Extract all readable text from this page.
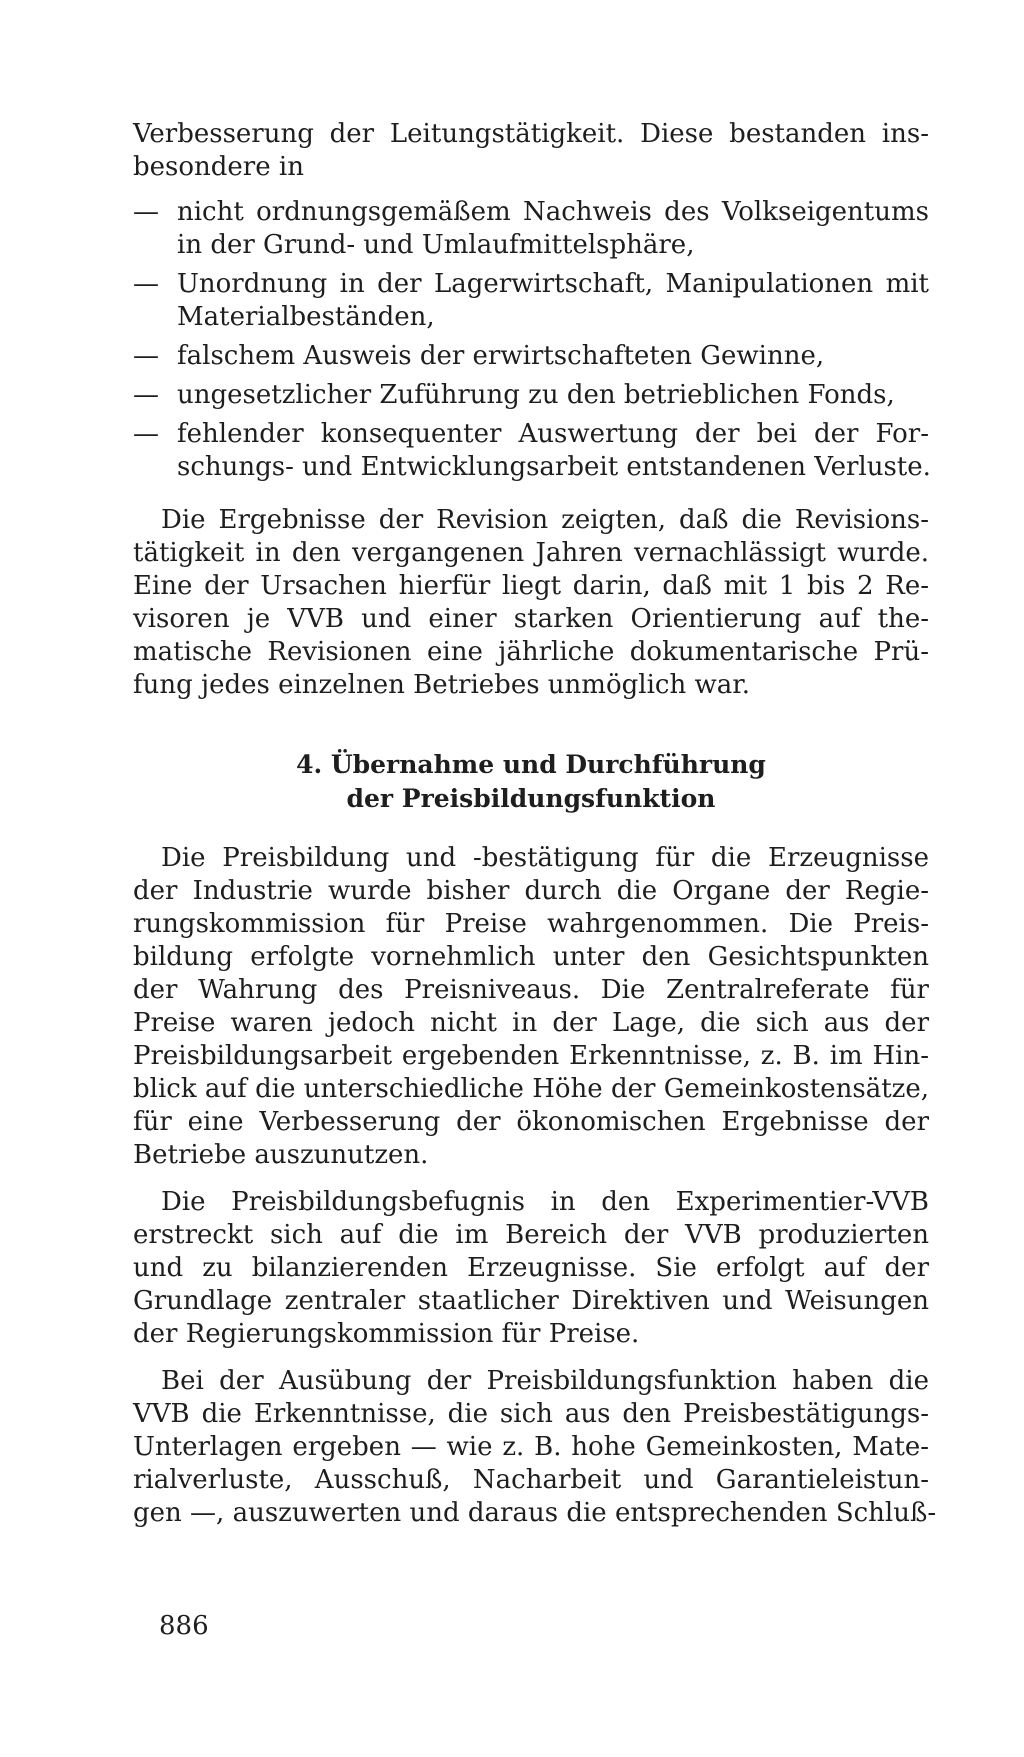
Verbesserung der Leitungstätigkeit. Diese bestanden ins-
besondere in

— nicht ordnungsgemäßem Nachweis des Volkseigentums
in der Grund- und Umlaufmittelsphäre,
— Unordnung in der Lagerwirtschaft, Manipulationen mit
Materialbeständen,
— falschem Ausweis der erwirtschafteten Gewinne,
— ungesetzlicher Zuführung zu den betrieblichen Fonds,
— fehlender konsequenter Auswertung der bei der For-
schungs- und Entwicklungsarbeit entstandenen Verluste.

Die Ergebnisse der Revision zeigten, daß die Revisions-
tätigkeit in den vergangenen Jahren vernachlässigt wurde.
Eine der Ursachen hierfür liegt darin, daß mit 1 bis 2 Re-
visoren je VVB und einer starken Orientierung auf the-
matische Revisionen eine jährliche dokumentarische Prü-
fung jedes einzelnen Betriebes unmöglich war.

4. Übernahme und Durchführung
der Preisbildungsfunktion

Die Preisbildung und -bestätigung für die Erzeugnisse
der Industrie wurde bisher durch die Organe der Regie-
rungskommission für Preise wahrgenommen. Die Preis-
bildung erfolgte vornehmlich unter den Gesichtspunkten
der Wahrung des Preisniveaus. Die Zentralreferate für
Preise waren jedoch nicht in der Lage, die sich aus der
Preisbildungsarbeit ergebenden Erkenntnisse, z. B. im Hin-
blick auf die unterschiedliche Höhe der Gemeinkostensätze,
für eine Verbesserung der ökonomischen Ergebnisse der
Betriebe auszunutzen.

Die Preisbildungsbefugnis in den Experimentier-VVB
erstreckt sich auf die im Bereich der VVB produzierten
und zu bilanzierenden Erzeugnisse. Sie erfolgt auf der
Grundlage zentraler staatlicher Direktiven und Weisungen
der Regierungskommission für Preise.

Bei der Ausübung der Preisbildungsfunktion haben die
VVB die Erkenntnisse, die sich aus den Preisbestätigungs-
Unterlagen ergeben — wie z. B. hohe Gemeinkosten, Mate-
rialverluste, Ausschuß, Nacharbeit und Garantieleistun-
gen —, auszuwerten und daraus die entsprechenden Schluß-

886
